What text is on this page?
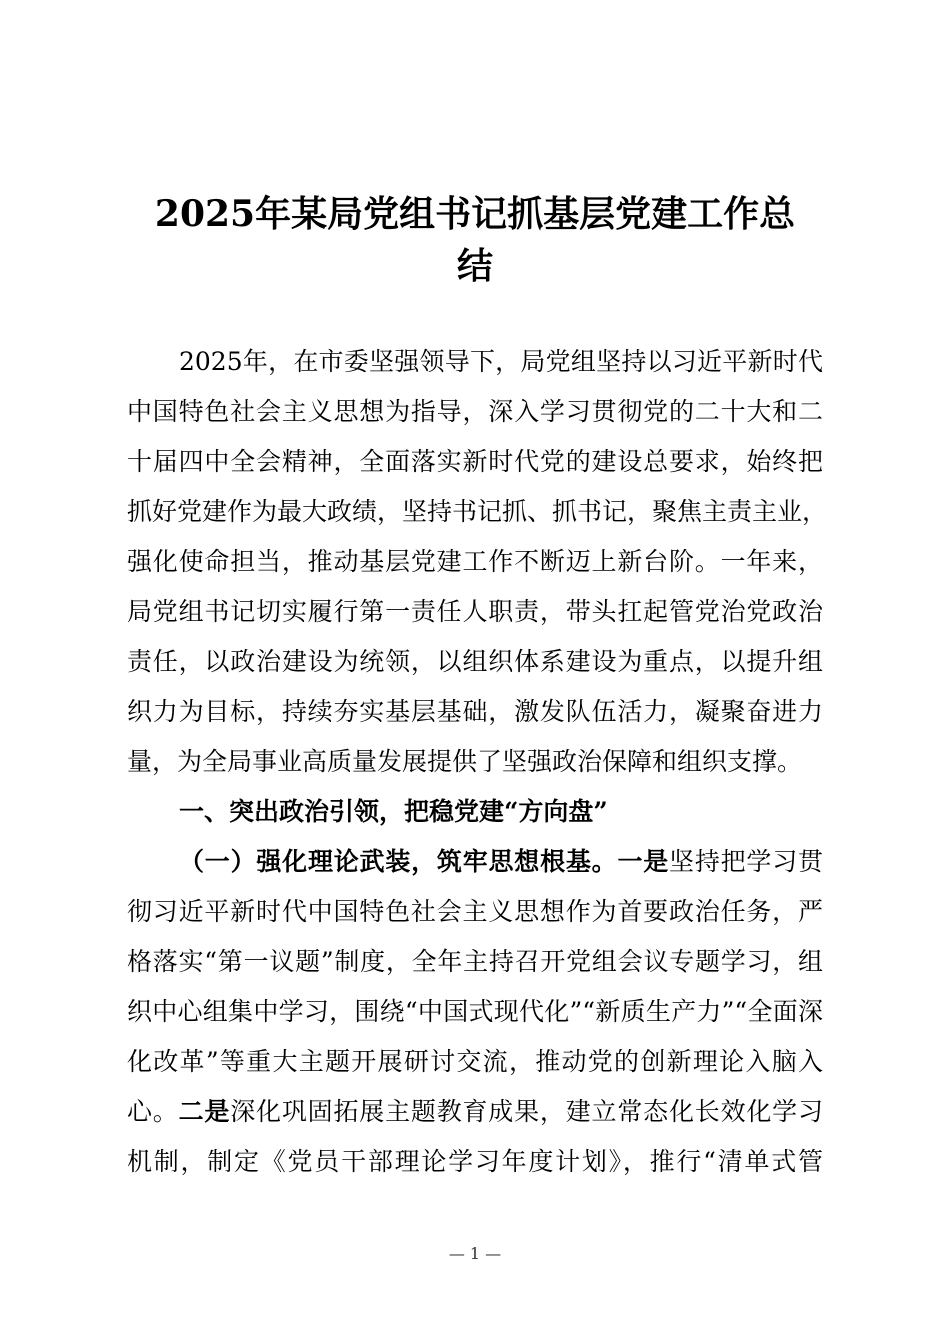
2025年某局党组书记抓基层党建工作总
结
2025年，在市委坚强领导下，局党组坚持以习近平新时代
中国特色社会主义思想为指导，深入学习贯彻党的二十大和二
十届四中全会精神，全面落实新时代党的建设总要求，始终把
抓好党建作为最大政绩，坚持书记抓、抓书记，聚焦主责主业，
强化使命担当，推动基层党建工作不断迈上新台阶。一年来，
局党组书记切实履行第一责任人职责，带头扛起管党治党政治
责任，以政治建设为统领，以组织体系建设为重点，以提升组
织力为目标，持续夯实基层基础，激发队伍活力，凝聚奋进力
量，为全局事业高质量发展提供了坚强政治保障和组织支撑。
一、突出政治引领，把稳党建“方向盘”
（一）强化理论武装，筑牢思想根基。一是坚持把学习贯
彻习近平新时代中国特色社会主义思想作为首要政治任务，严
格落实“第一议题”制度，全年主持召开党组会议专题学习，组
织中心组集中学习，围绕“中国式现代化”“新质生产力”“全面深
化改革”等重大主题开展研讨交流，推动党的创新理论入脑入
心。二是深化巩固拓展主题教育成果，建立常态化长效化学习
机制，制定《党员干部理论学习年度计划》，推行“清单式管
— 1 —
